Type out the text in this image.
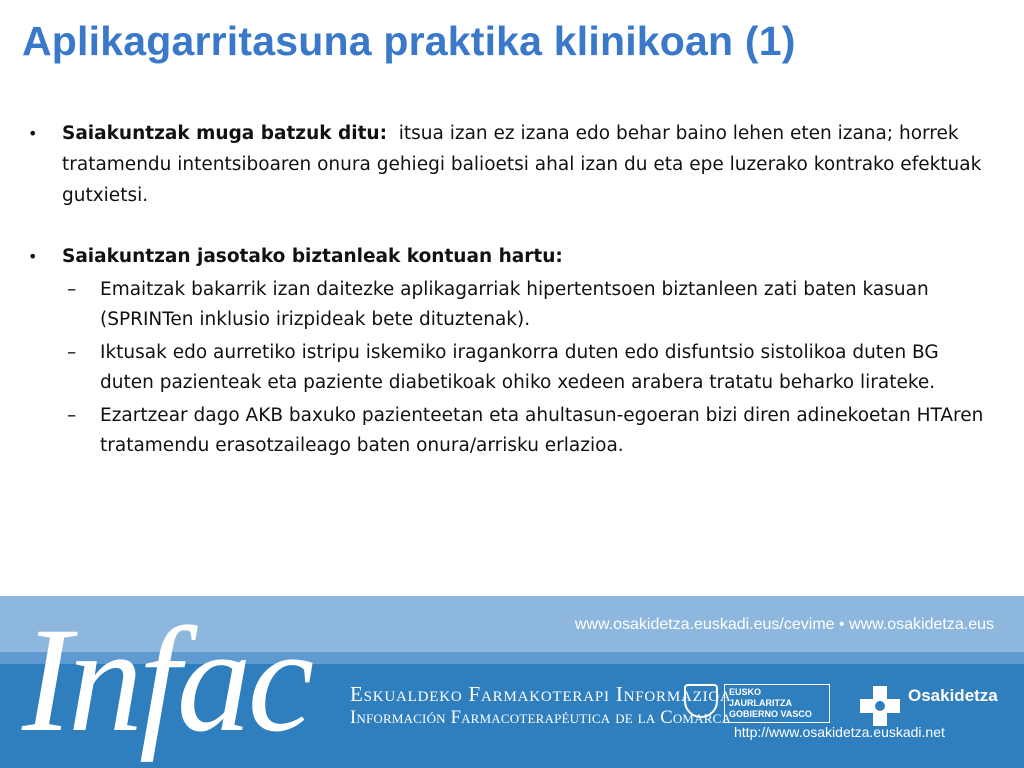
Aplikagarritasuna praktika klinikoan (1)
• Saiakuntzak muga batzuk ditu: itsua izan ez izana edo behar baino lehen eten izana; horrek tratamendu intentsiboaren onura gehiegi balioetsi ahal izan du eta epe luzerako kontrako efektuak gutxietsi.
• Saiakuntzan jasotako biztanleak kontuan hartu:
– Emaitzak bakarrik izan daitezke aplikagarriak hipertentsoen biztanleen zati baten kasuan (SPRINTen inklusio irizpideak bete dituztenak).
– Iktusak edo aurretiko istripu iskemiko iragankorra duten edo disfuntsio sistolikoa duten BG duten pazienteak eta paziente diabetikoak ohiko xedeen arabera tratatu beharko lirateke.
– Ezartzear dago AKB baxuko pazienteetan eta ahultasun-egoeran bizi diren adinekoetan HTAren tratamendu erasotzaileago baten onura/arrisku erlazioa.
Infac	www.osakidetza.euskadi.eus/cevime • www.osakidetza.eus
Eskualdeko Farmakoterapi Informazioa
Información Farmacoterapéutica de la Comarca
EUSKO JAURLARITZA
GOBIERNO VASCO
Osakidetza
http://www.osakidetza.euskadi.net
